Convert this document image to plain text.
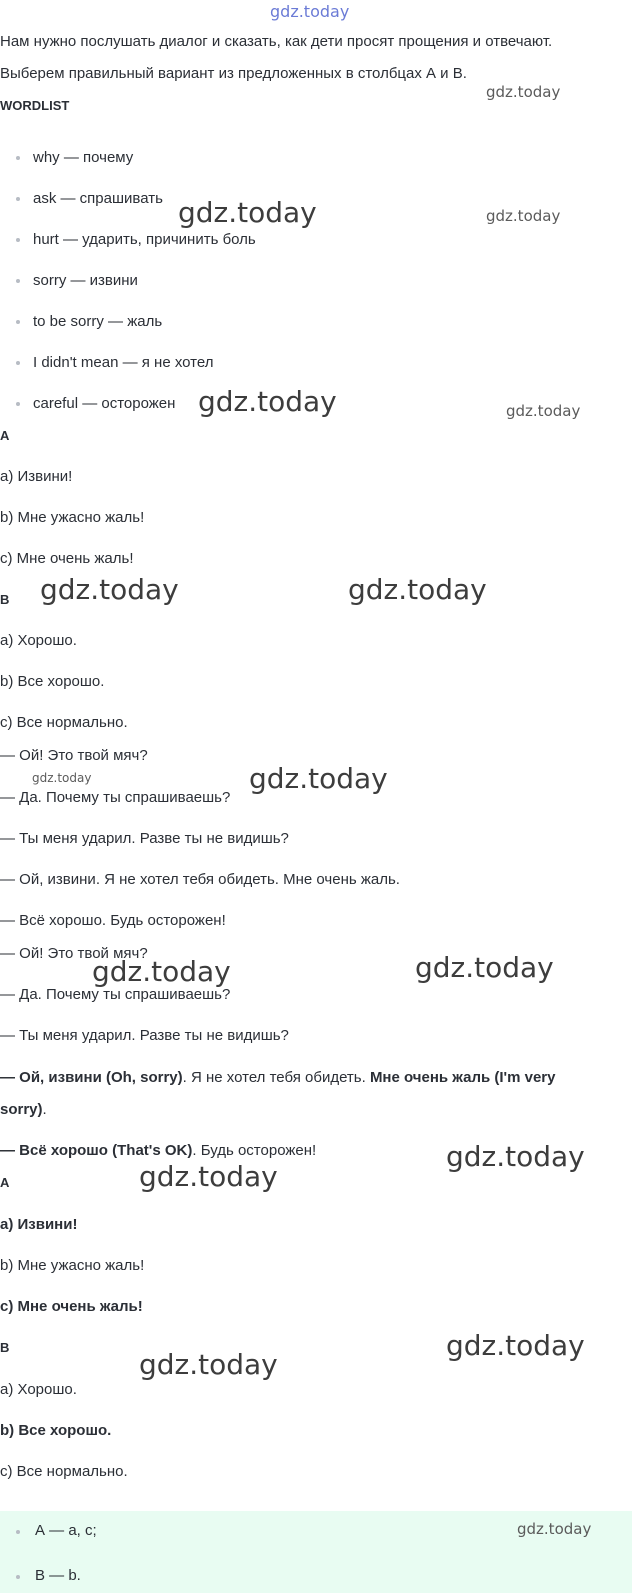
gdz.today
Нам нужно послушать диалог и сказать, как дети просят прощения и отвечают.
Выберем правильный вариант из предложенных в столбцах А и В.
WORDLIST
why — почему
ask — спрашивать
hurt — ударить, причинить боль
sorry — извини
to be sorry — жаль
I didn't mean — я не хотел
careful — осторожен
A
a) Извини!
b) Мне ужасно жаль!
c) Мне очень жаль!
B
a) Хорошо.
b) Все хорошо.
c) Все нормально.
— Ой! Это твой мяч?
— Да. Почему ты спрашиваешь?
— Ты меня ударил. Разве ты не видишь?
— Ой, извини. Я не хотел тебя обидеть. Мне очень жаль.
— Всё хорошо. Будь осторожен!
— Ой! Это твой мяч?
— Да. Почему ты спрашиваешь?
— Ты меня ударил. Разве ты не видишь?
— Ой, извини (Oh, sorry). Я не хотел тебя обидеть. Мне очень жаль (I'm very
sorry).
— Всё хорошо (That's OK). Будь осторожен!
A
a) Извини!
b) Мне ужасно жаль!
c) Мне очень жаль!
B
a) Хорошо.
b) Все хорошо.
c) Все нормально.
А — a, c;
В — b.
gdz.today
gdz.today	gdz.today
gdz.today	gdz.today
gdz.today	gdz.today
gdz.today	gdz.today
gdz.today	gdz.today
gdz.today
gdz.today
gdz.today
gdz.today
gdz.today
